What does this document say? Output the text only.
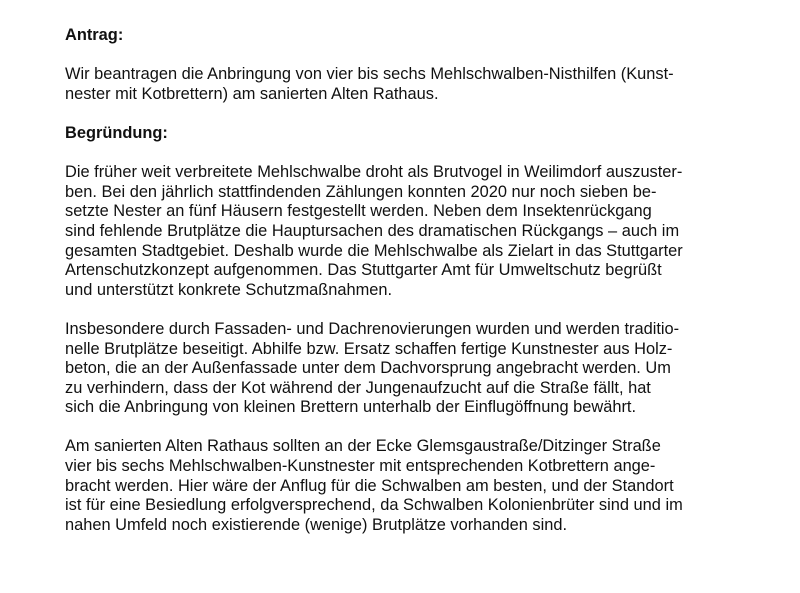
Antrag:

Wir beantragen die Anbringung von vier bis sechs Mehlschwalben-Nisthilfen (Kunst-
nester mit Kotbrettern) am sanierten Alten Rathaus.

Begründung:

Die früher weit verbreitete Mehlschwalbe droht als Brutvogel in Weilimdorf auszuster-
ben. Bei den jährlich stattfindenden Zählungen konnten 2020 nur noch sieben be-
setzte Nester an fünf Häusern festgestellt werden. Neben dem Insektenrückgang
sind fehlende Brutplätze die Hauptursachen des dramatischen Rückgangs – auch im
gesamten Stadtgebiet. Deshalb wurde die Mehlschwalbe als Zielart in das Stuttgarter
Artenschutzkonzept aufgenommen. Das Stuttgarter Amt für Umweltschutz begrüßt
und unterstützt konkrete Schutzmaßnahmen.

Insbesondere durch Fassaden- und Dachrenovierungen wurden und werden traditio-
nelle Brutplätze beseitigt. Abhilfe bzw. Ersatz schaffen fertige Kunstnester aus Holz-
beton, die an der Außenfassade unter dem Dachvorsprung angebracht werden. Um
zu verhindern, dass der Kot während der Jungenaufzucht auf die Straße fällt, hat
sich die Anbringung von kleinen Brettern unterhalb der Einflugöffnung bewährt.

Am sanierten Alten Rathaus sollten an der Ecke Glemsgaustraße/Ditzinger Straße
vier bis sechs Mehlschwalben-Kunstnester mit entsprechenden Kotbrettern ange-
bracht werden. Hier wäre der Anflug für die Schwalben am besten, und der Standort
ist für eine Besiedlung erfolgversprechend, da Schwalben Kolonienbrüter sind und im
nahen Umfeld noch existierende (wenige) Brutplätze vorhanden sind.
